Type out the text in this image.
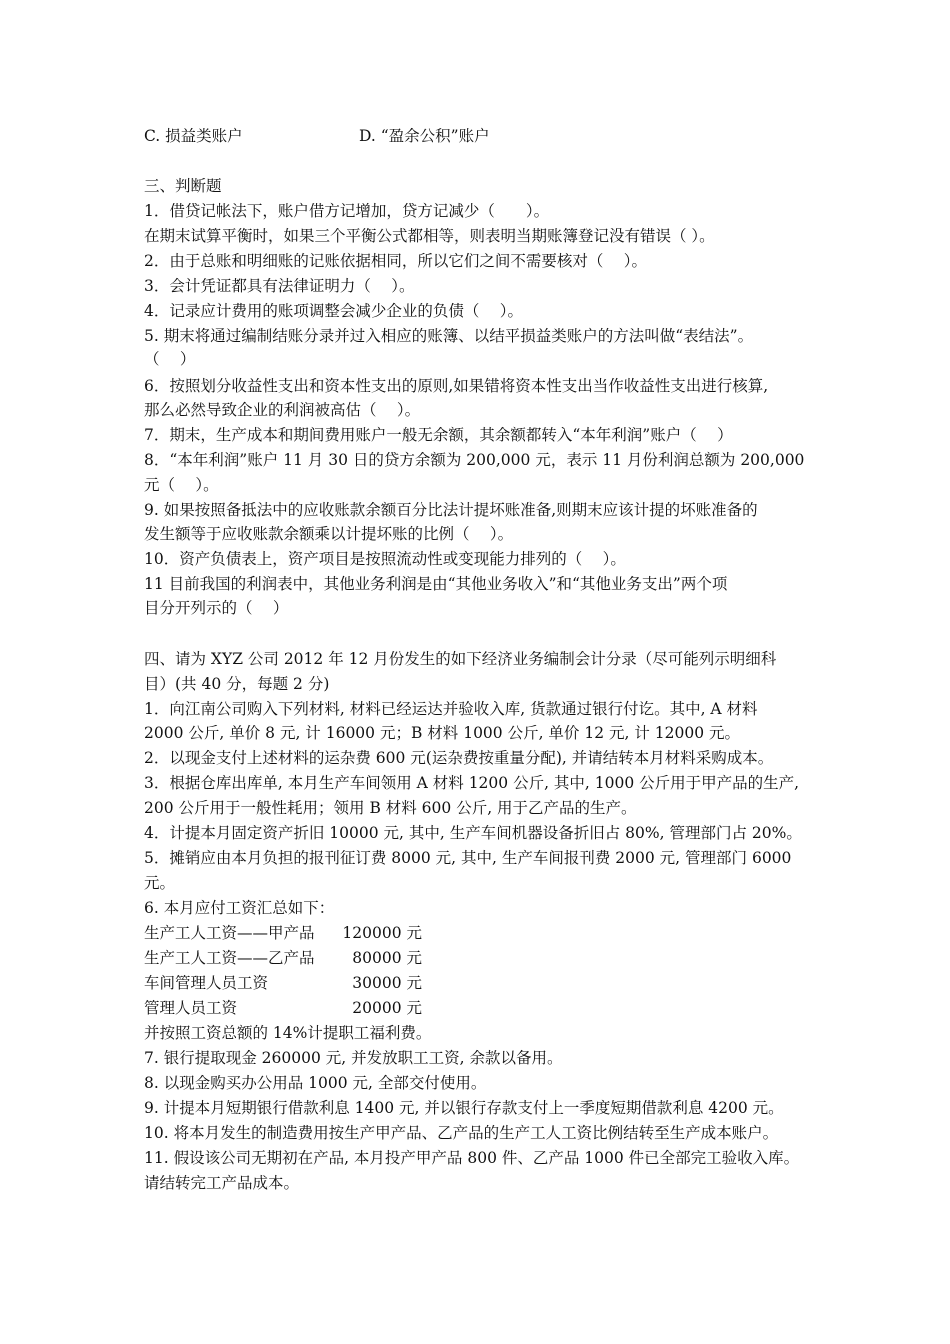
C. 损益类账户	D. “盈余公积”账户
三、判断题
1．借贷记帐法下，账户借方记增加，贷方记减少（　　）。
在期末试算平衡时，如果三个平衡公式都相等，则表明当期账簿登记没有错误（ ）。
2．由于总账和明细账的记账依据相同，所以它们之间不需要核对（　 ）。
3．会计凭证都具有法律证明力（　 ）。
4．记录应计费用的账项调整会减少企业的负债（　 ）。
5. 期末将通过编制结账分录并过入相应的账簿、以结平损益类账户的方法叫做“表结法”。
（　 ）
6．按照划分收益性支出和资本性支出的原则,如果错将资本性支出当作收益性支出进行核算,
那么必然导致企业的利润被高估（　 ）。
7．期末，生产成本和期间费用账户一般无余额，其余额都转入“本年利润”账户（　 ）
8．“本年利润”账户 11 月 30 日的贷方余额为 200,000 元，表示 11 月份利润总额为 200,000
元（　 ）。
9. 如果按照备抵法中的应收账款余额百分比法计提坏账准备,则期末应该计提的坏账准备的
发生额等于应收账款余额乘以计提坏账的比例（　 ）。
10．资产负债表上，资产项目是按照流动性或变现能力排列的（　 ）。
11 目前我国的利润表中，其他业务利润是由“其他业务收入”和“其他业务支出”两个项
目分开列示的（　 ）
四、请为 XYZ 公司 2012 年 12 月份发生的如下经济业务编制会计分录（尽可能列示明细科
目）(共 40 分，每题 2 分)
1．向江南公司购入下列材料, 材料已经运达并验收入库, 货款通过银行付讫。其中, A 材料
2000 公斤, 单价 8 元, 计 16000 元；B 材料 1000 公斤, 单价 12 元, 计 12000 元。
2．以现金支付上述材料的运杂费 600 元(运杂费按重量分配), 并请结转本月材料采购成本。
3．根据仓库出库单, 本月生产车间领用 A 材料 1200 公斤, 其中, 1000 公斤用于甲产品的生产,
200 公斤用于一般性耗用；领用 B 材料 600 公斤, 用于乙产品的生产。
4．计提本月固定资产折旧 10000 元, 其中, 生产车间机器设备折旧占 80%, 管理部门占 20%。
5．摊销应由本月负担的报刊征订费 8000 元, 其中, 生产车间报刊费 2000 元, 管理部门 6000
元。
6. 本月应付工资汇总如下：
生产工人工资——甲产品	120000 元
生产工人工资——乙产品	80000 元
车间管理人员工资	30000 元
管理人员工资	20000 元
并按照工资总额的 14%计提职工福利费。
7. 银行提取现金 260000 元, 并发放职工工资, 余款以备用。
8. 以现金购买办公用品 1000 元, 全部交付使用。
9. 计提本月短期银行借款利息 1400 元, 并以银行存款支付上一季度短期借款利息 4200 元。
10. 将本月发生的制造费用按生产甲产品、乙产品的生产工人工资比例结转至生产成本账户。
11. 假设该公司无期初在产品, 本月投产甲产品 800 件、乙产品 1000 件已全部完工验收入库。
请结转完工产品成本。
